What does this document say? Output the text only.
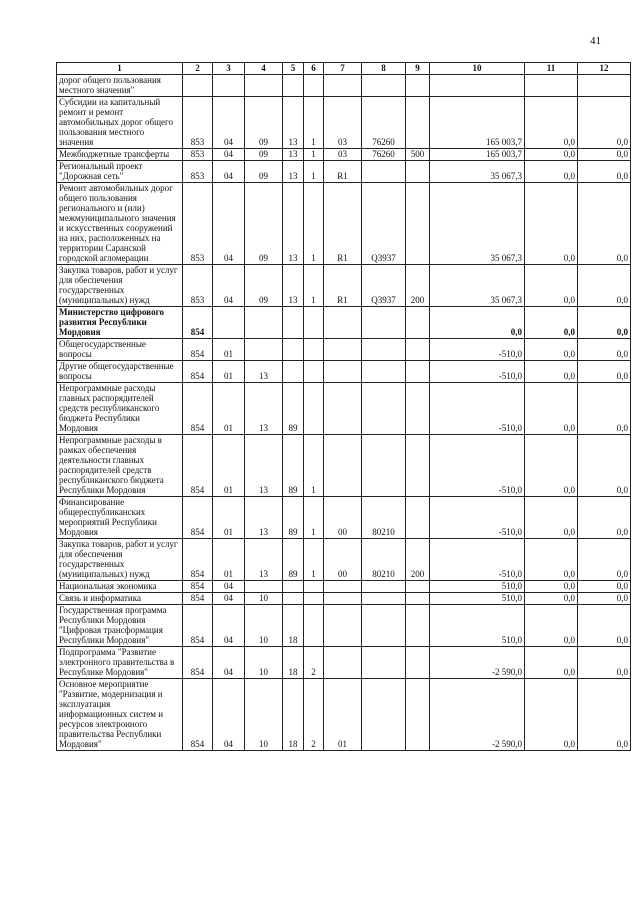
41
1	2	3	4	5	6	7	8	9	10	11	12
дорог общего пользования местного значения"											
Субсидии на капитальный ремонт и ремонт автомобильных дорог общего пользования местного значения	853	04	09	13	1	03	76260		165 003,7	0,0	0,0
Межбюджетные трансферты	853	04	09	13	1	03	76260	500	165 003,7	0,0	0,0
Региональный проект "Дорожная сеть"	853	04	09	13	1	R1			35 067,3	0,0	0,0
Ремонт автомобильных дорог общего пользования регионального и (или) межмуниципального значения и искусственных сооружений на них, расположенных на территории Саранской городской агломерации	853	04	09	13	1	R1	Q3937		35 067,3	0,0	0,0
Закупка товаров, работ и услуг для обеспечения государственных (муниципальных) нужд	853	04	09	13	1	R1	Q3937	200	35 067,3	0,0	0,0
Министерство цифрового развития Республики Мордовия	854								0,0	0,0	0,0
Общегосударственные вопросы	854	01							-510,0	0,0	0,0
Другие общегосударственные вопросы	854	01	13						-510,0	0,0	0,0
Непрограммные расходы главных распорядителей средств республиканского бюджета Республики Мордовия	854	01	13	89					-510,0	0,0	0,0
Непрограммные расходы в рамках обеспечения деятельности главных распорядителей средств республиканского бюджета Республики Мордовия	854	01	13	89	1				-510,0	0,0	0,0
Финансирование общереспубликанских мероприятий Республики Мордовия	854	01	13	89	1	00	80210		-510,0	0,0	0,0
Закупка товаров, работ и услуг для обеспечения государственных (муниципальных) нужд	854	01	13	89	1	00	80210	200	-510,0	0,0	0,0
Национальная экономика	854	04							510,0	0,0	0,0
Связь и информатика	854	04	10						510,0	0,0	0,0
Государственная программа Республики Мордовия "Цифровая трансформация Республики Мордовия"	854	04	10	18					510,0	0,0	0,0
Подпрограмма "Развитие электронного правительства в Республике Мордовия"	854	04	10	18	2				-2 590,0	0,0	0,0
Основное мероприятие "Развитие, модернизация и эксплуатация информационных систем и ресурсов электронного правительства Республики Мордовия"	854	04	10	18	2	01			-2 590,0	0,0	0,0
